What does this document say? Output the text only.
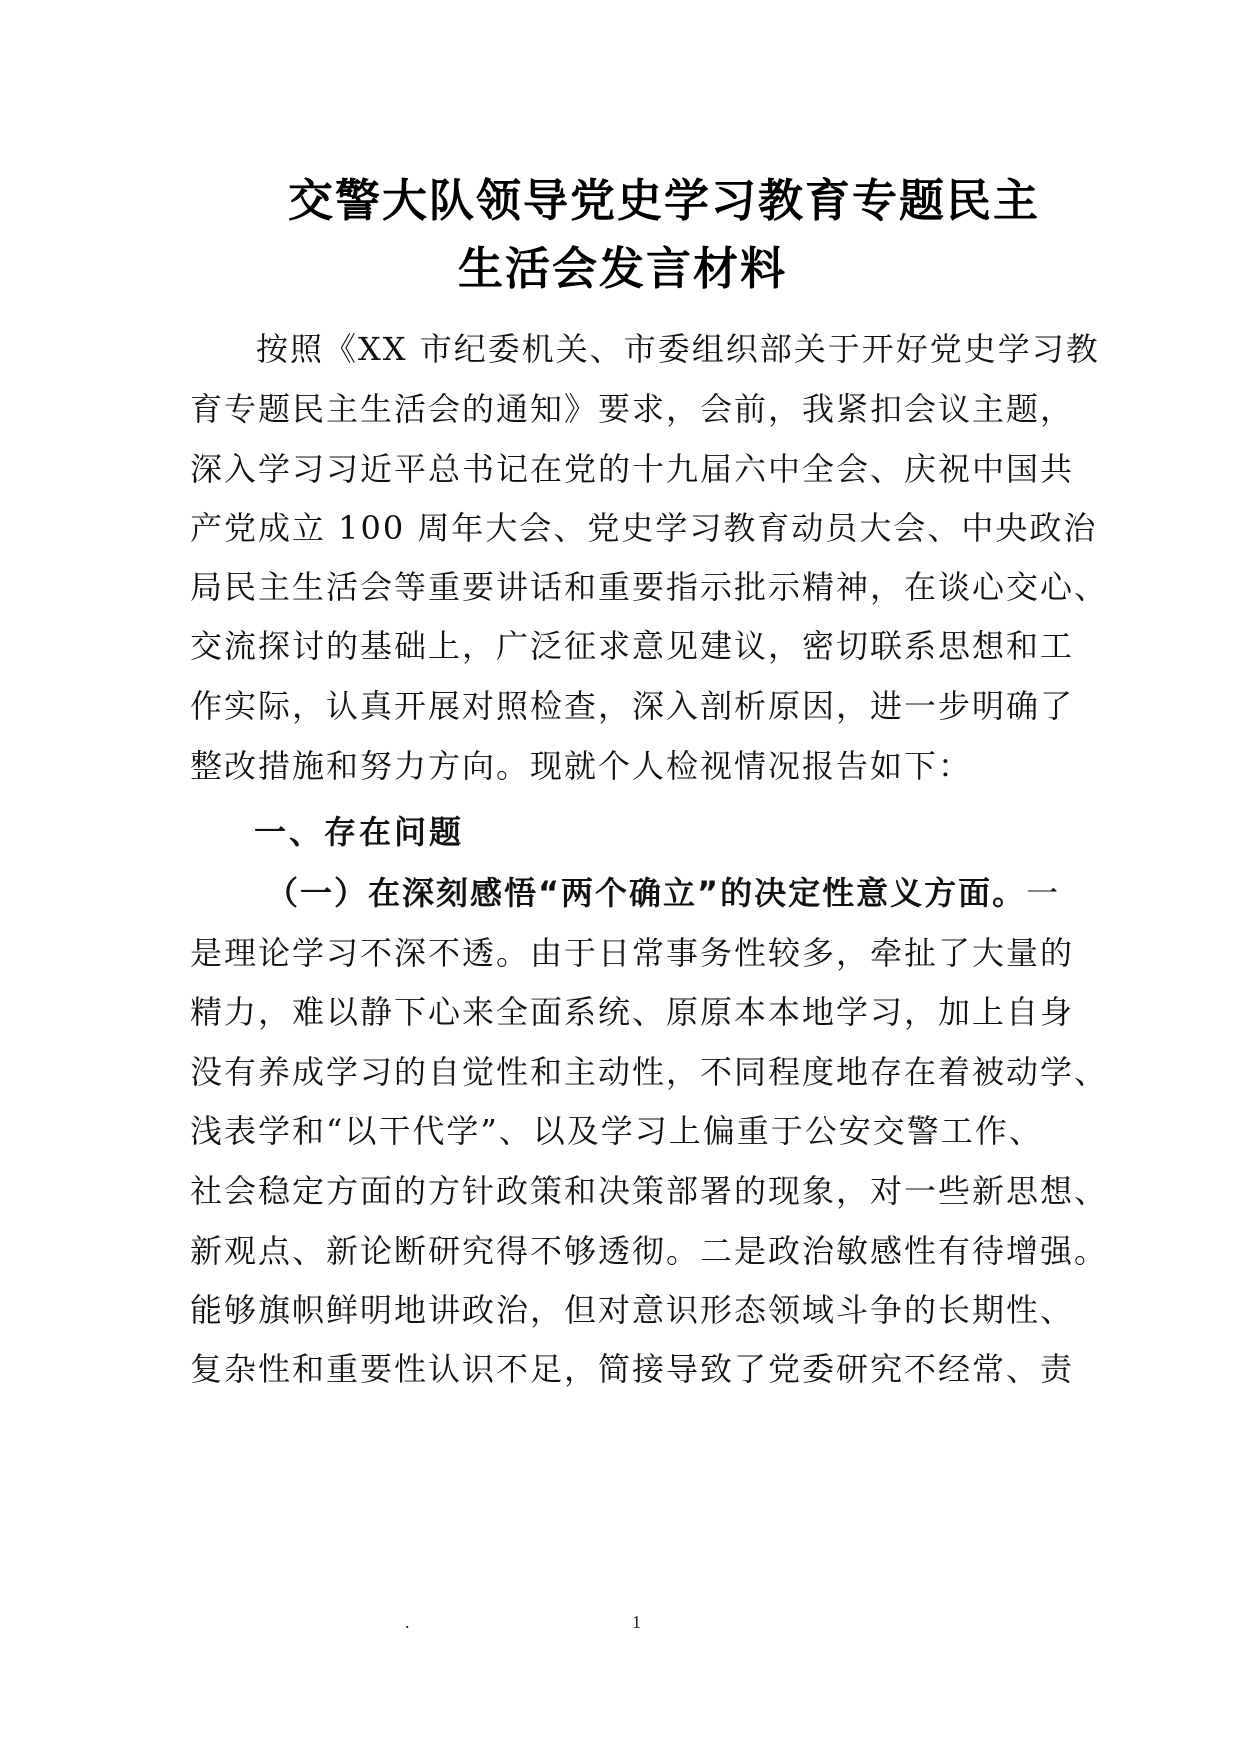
交警大队领导党史学习教育专题民主
生活会发言材料
按照《XX 市纪委机关、市委组织部关于开好党史学习教
育专题民主生活会的通知》要求，会前，我紧扣会议主题，
深入学习习近平总书记在党的十九届六中全会、庆祝中国共
产党成立 100 周年大会、党史学习教育动员大会、中央政治
局民主生活会等重要讲话和重要指示批示精神，在谈心交心、
交流探讨的基础上，广泛征求意见建议，密切联系思想和工
作实际，认真开展对照检查，深入剖析原因，进一步明确了
整改措施和努力方向。现就个人检视情况报告如下：
一、存在问题
（一）在深刻感悟“两个确立”的决定性意义方面。一
是理论学习不深不透。由于日常事务性较多，牵扯了大量的
精力，难以静下心来全面系统、原原本本地学习，加上自身
没有养成学习的自觉性和主动性，不同程度地存在着被动学、
浅表学和“以干代学”、以及学习上偏重于公安交警工作、
社会稳定方面的方针政策和决策部署的现象，对一些新思想、
新观点、新论断研究得不够透彻。二是政治敏感性有待增强。
能够旗帜鲜明地讲政治，但对意识形态领域斗争的长期性、
复杂性和重要性认识不足，简接导致了党委研究不经常、责
.	1
